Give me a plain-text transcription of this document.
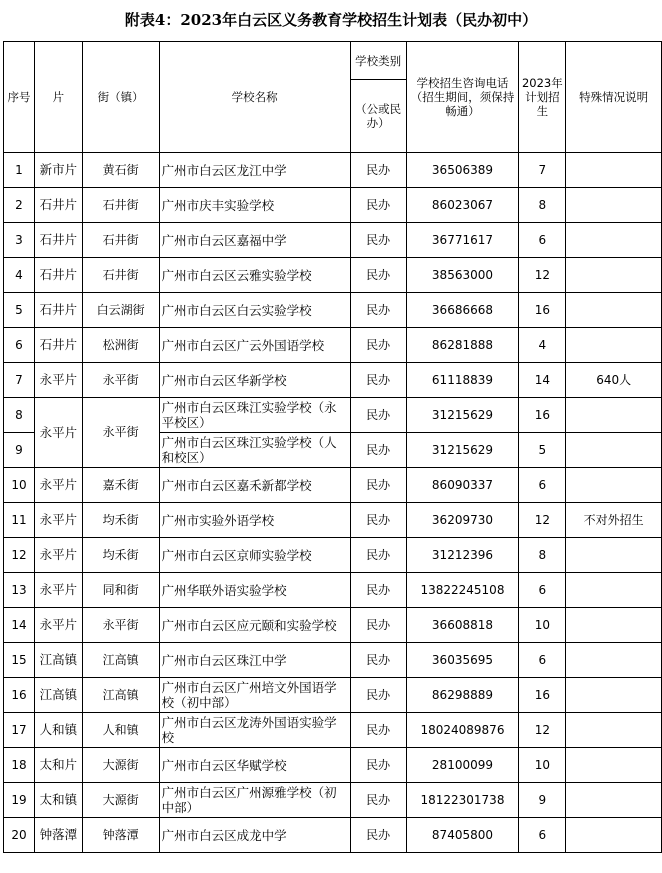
附表4：2023年白云区义务教育学校招生计划表（民办初中）
序号	片	街（镇）	学校名称	学校类别	学校招生咨询电话（招生期间，须保持畅通）	2023年计划招生	特殊情况说明
				（公或民办）			
1	新市片	黄石街	广州市白云区龙江中学	民办	36506389	7	
2	石井片	石井街	广州市庆丰实验学校	民办	86023067	8	
3	石井片	石井街	广州市白云区嘉福中学	民办	36771617	6	
4	石井片	石井街	广州市白云区云雅实验学校	民办	38563000	12	
5	石井片	白云湖街	广州市白云区白云实验学校	民办	36686668	16	
6	石井片	松洲街	广州市白云区广云外国语学校	民办	86281888	4	
7	永平片	永平街	广州市白云区华新学校	民办	61118839	14	640人
8	永平片	永平街	广州市白云区珠江实验学校（永平校区）	民办	31215629	16	
9			广州市白云区珠江实验学校（人和校区）	民办	31215629	5	
10	永平片	嘉禾街	广州市白云区嘉禾新都学校	民办	86090337	6	
11	永平片	均禾街	广州市实验外语学校	民办	36209730	12	不对外招生
12	永平片	均禾街	广州市白云区京师实验学校	民办	31212396	8	
13	永平片	同和街	广州华联外语实验学校	民办	13822245108	6	
14	永平片	永平街	广州市白云区应元颐和实验学校	民办	36608818	10	
15	江高镇	江高镇	广州市白云区珠江中学	民办	36035695	6	
16	江高镇	江高镇	广州市白云区广州培文外国语学校（初中部）	民办	86298889	16	
17	人和镇	人和镇	广州市白云区龙涛外国语实验学校	民办	18024089876	12	
18	太和片	大源街	广州市白云区华赋学校	民办	28100099	10	
19	太和镇	大源街	广州市白云区广州源雅学校（初中部）	民办	18122301738	9	
20	钟落潭	钟落潭	广州市白云区成龙中学	民办	87405800	6	
